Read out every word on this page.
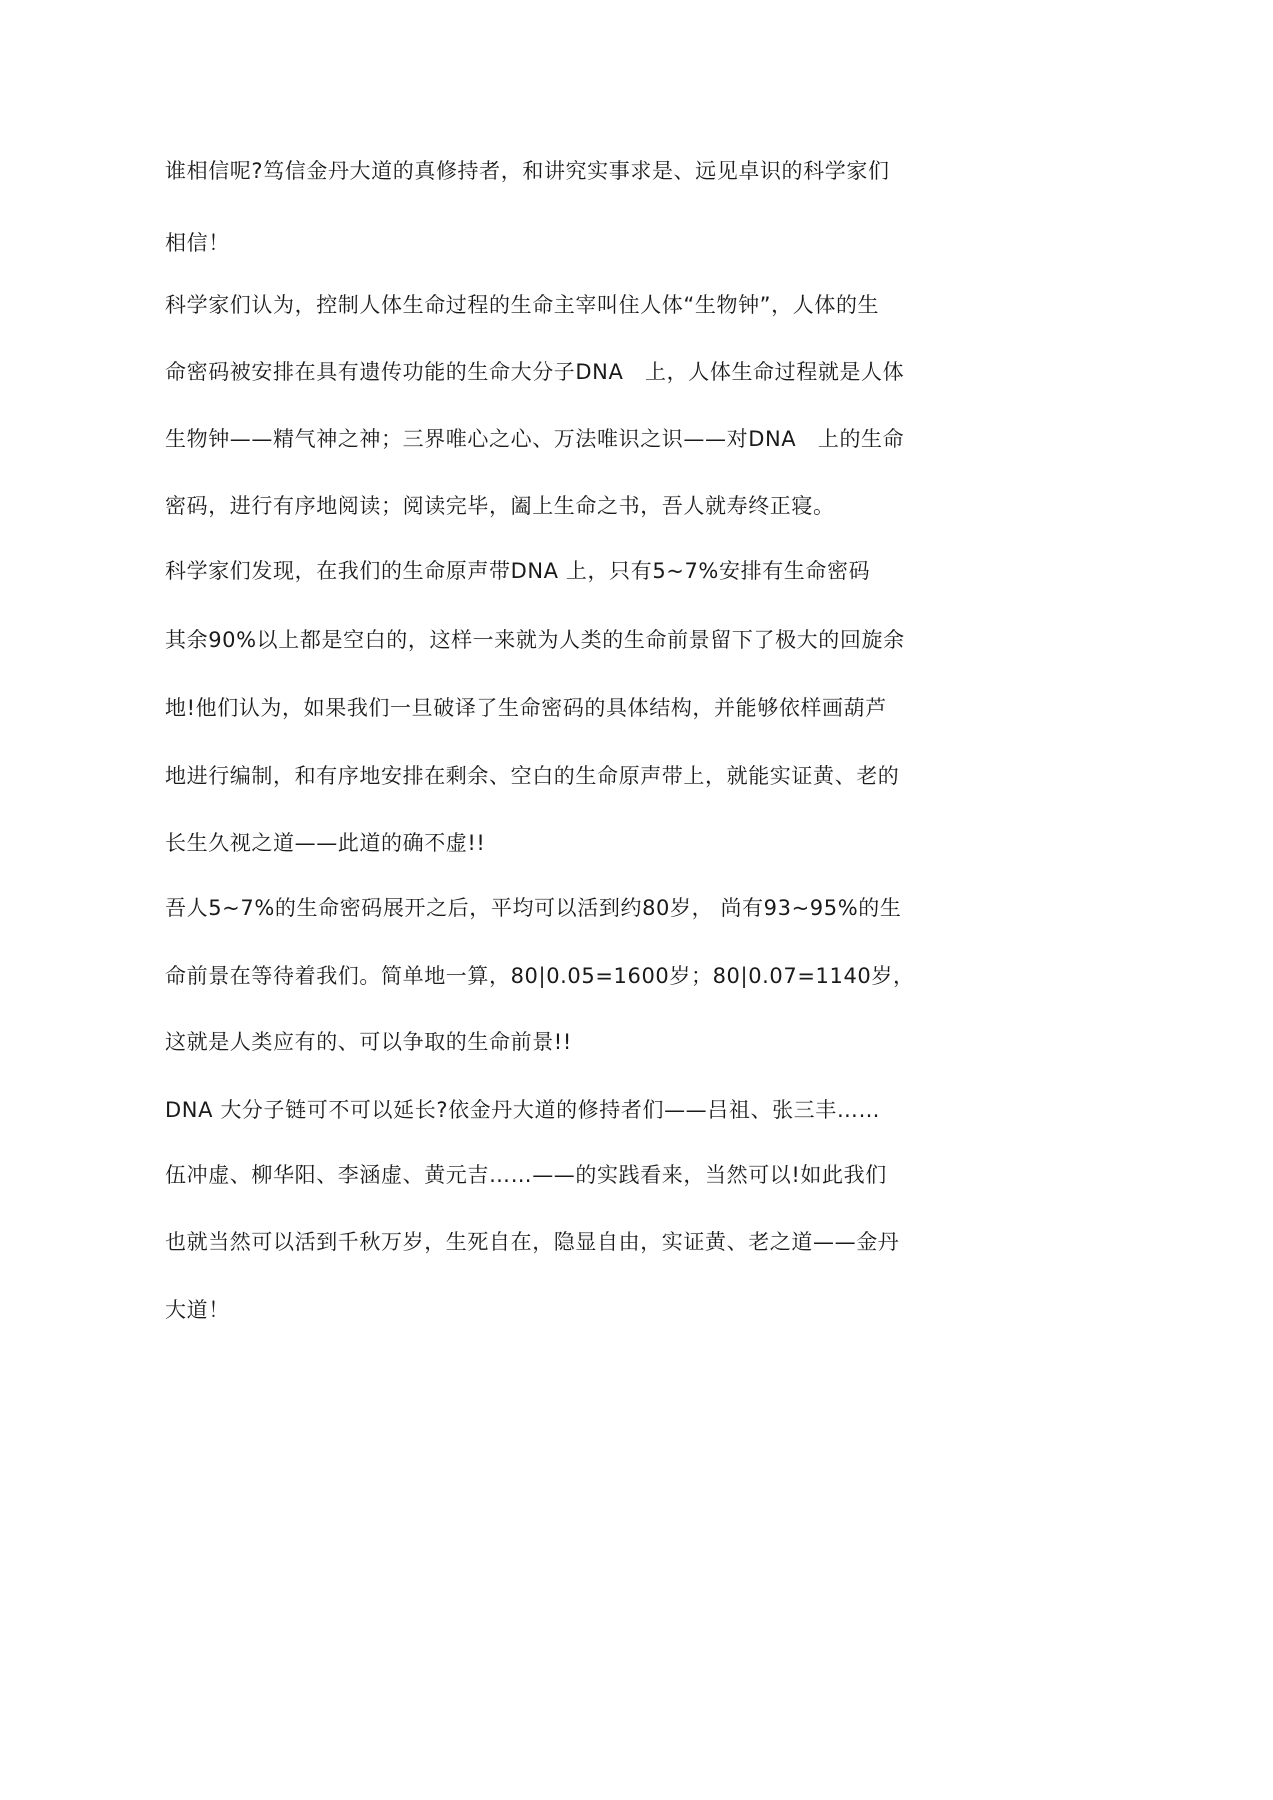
谁相信呢?笃信金丹大道的真修持者，和讲究实事求是、远见卓识的科学家们

相信！

科学家们认为，控制人体生命过程的生命主宰叫住人体“生物钟”，人体的生

命密码被安排在具有遗传功能的生命大分子DNA　上，人体生命过程就是人体

生物钟——精气神之神；三界唯心之心、万法唯识之识——对DNA　上的生命

密码，进行有序地阅读；阅读完毕，阖上生命之书，吾人就寿终正寝。

科学家们发现，在我们的生命原声带DNA 上，只有5~7%安排有生命密码

其余90%以上都是空白的，这样一来就为人类的生命前景留下了极大的回旋余

地!他们认为，如果我们一旦破译了生命密码的具体结构，并能够依样画葫芦

地进行编制，和有序地安排在剩余、空白的生命原声带上，就能实证黄、老的

长生久视之道——此道的确不虚!!

吾人5~7%的生命密码展开之后，平均可以活到约80岁， 尚有93~95%的生

命前景在等待着我们。简单地一算，80|0.05=1600岁；80|0.07=1140岁，

这就是人类应有的、可以争取的生命前景!!

DNA 大分子链可不可以延长?依金丹大道的修持者们——吕祖、张三丰……

伍冲虚、柳华阳、李涵虚、黄元吉……——的实践看来，当然可以!如此我们

也就当然可以活到千秋万岁，生死自在，隐显自由，实证黄、老之道——金丹

大道！
